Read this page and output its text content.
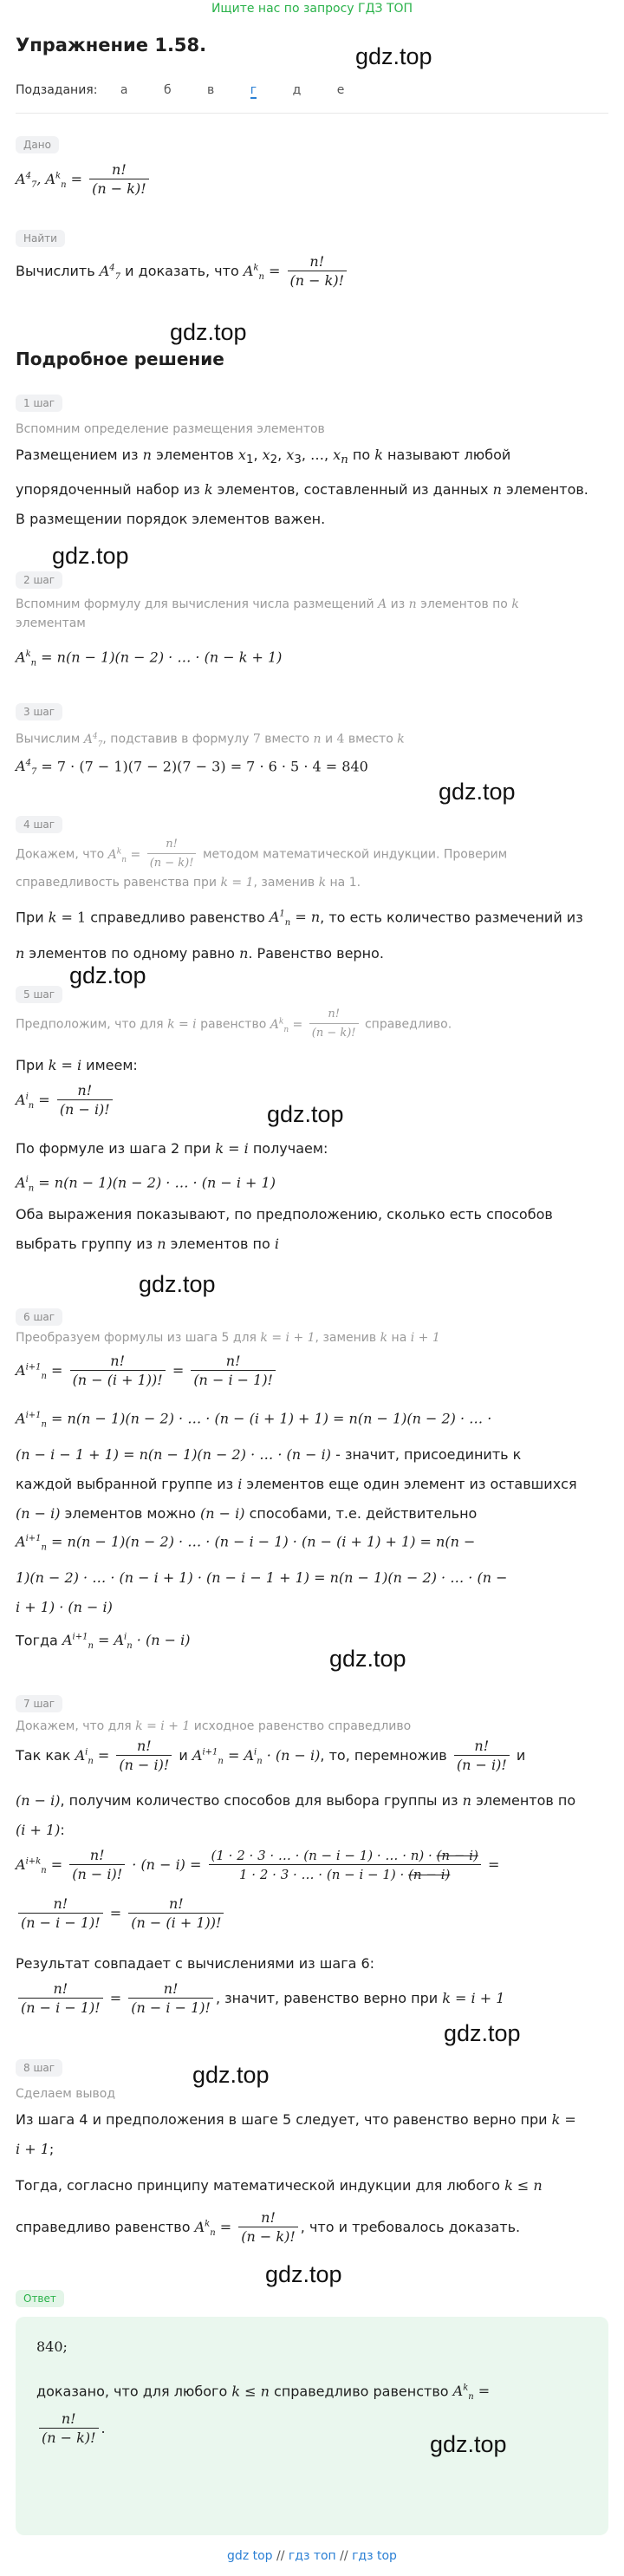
Ищите нас по запросу ГДЗ ТОП
Упражнение 1.58.	gdz.top
Подзадания: а	б	в	г	д	е
Дано
$A^4_7$, $A^k_n = \frac{n!}{(n - k)!}$
Найти
Вычислить $A^4_7$ и доказать, что $A^k_n = \frac{n!}{(n - k)!}$
gdz.top
Подробное решение
1 шаг
Вспомним определение размещения элементов
Размещением из n элементов $x_1$, $x_2$, $x_3$, …, $x_n$ по k называют любой
упорядоченный набор из k элементов, составленный из данных n элементов.
В размещении порядок элементов важен.
gdz.top
2 шаг
Вспомним формулу для вычисления числа размещений A из n элементов по k
элементам
$A^k_n = n(n - 1)(n - 2)$ · … · (n − k + 1)
3 шаг
Вычислим $A^4_7$, подставив в формулу 7 вместо n и 4 вместо k
$A^4_7 = 7 \cdot (7 - 1)(7 - 2)(7 - 3) = 7 \cdot 6 \cdot 5 \cdot 4 = 840$
gdz.top
4 шаг
Докажем, что $A^k_n = \frac{n!}{(n - k)!}$ методом математической индукции. Проверим
справедливость равенства при k = 1, заменив k на 1.
При k = 1 справедливо равенство $A^1_n = n$, то есть количество размечений из
n элементов по одному равно n. Равенство верно.
gdz.top
5 шаг
Предположим, что для k = i равенство $A^k_n = \frac{n!}{(n - k)!}$ справедливо.
При k = i имеем:
$A^i_n = \frac{n!}{(n - i)!}$	gdz.top
По формуле из шага 2 при k = i получаем:
$A^i_n = n(n - 1)(n - 2)$ · … · (n − i + 1)
Оба выражения показывают, по предположению, сколько есть способов
выбрать группу из n элементов по i
gdz.top
6 шаг
Преобразуем формулы из шага 5 для k = i + 1, заменив k на i + 1
$A^{i+1}_n = \frac{n!}{(n - (i + 1))!} = \frac{n!}{(n - i - 1)!}$
$A^{i+1}_n = n(n - 1)(n - 2)$ · … · (n − (i + 1) + 1) = n(n − 1)(n − 2) · … ·
(n − i − 1 + 1) = n(n − 1)(n − 2) · … · (n − i) - значит, присоединить к
каждой выбранной группе из i элементов еще один элемент из оставшихся
(n − i) элементов можно (n − i) способами, т.е. действительно
$A^{i+1}_n = n(n - 1)(n - 2)$ · … · (n − i − 1) · (n − (i + 1) + 1) = n(n −
1)(n − 2) · … · (n − i + 1) · (n − i − 1 + 1) = n(n − 1)(n − 2) · … · (n −
i + 1) · (n − i)
Тогда $A^{i+1}_n = A^i_n \cdot (n - i)$
gdz.top
7 шаг
Докажем, что для k = i + 1 исходное равенство справедливо
Так как $A^i_n = \frac{n!}{(n - i)!}$ и $A^{i+1}_n = A^i_n \cdot (n - i)$, то, перемножив $\frac{n!}{(n - i)!}$ и
(n − i), получим количество способов для выбора группы из n элементов по
(i + 1):
$A^{i+k}_n = \frac{n!}{(n - i)!} \cdot (n - i) = \frac{(1 \cdot 2 \cdot 3 \cdot \dots \cdot (n - i - 1) \cdot \dots \cdot n) \cdot (n - i)}{1 \cdot 2 \cdot 3 \cdot \dots \cdot (n - i - 1) \cdot (n - i)}$ =
$\frac{n!}{(n - i - 1)!} = \frac{n!}{(n - (i + 1))!}$
Результат совпадает с вычислениями из шага 6:
$\frac{n!}{(n - i - 1)!} = \frac{n!}{(n - i - 1)!}$ , значит, равенство верно при k = i + 1
gdz.top
8 шаг	gdz.top
Сделаем вывод
Из шага 4 и предположения в шаге 5 следует, что равенство верно при k =
i + 1;
Тогда, согласно принципу математической индукции для любого k ≤ n
справедливо равенство $A^k_n = \frac{n!}{(n - k)!}$ , что и требовалось доказать.
gdz.top
Ответ
840;
доказано, что для любого k ≤ n справедливо равенство $A^k_n$ =
$\frac{n!}{(n - k)!}$ .
gdz.top
gdz top // гдз топ // гдз top
